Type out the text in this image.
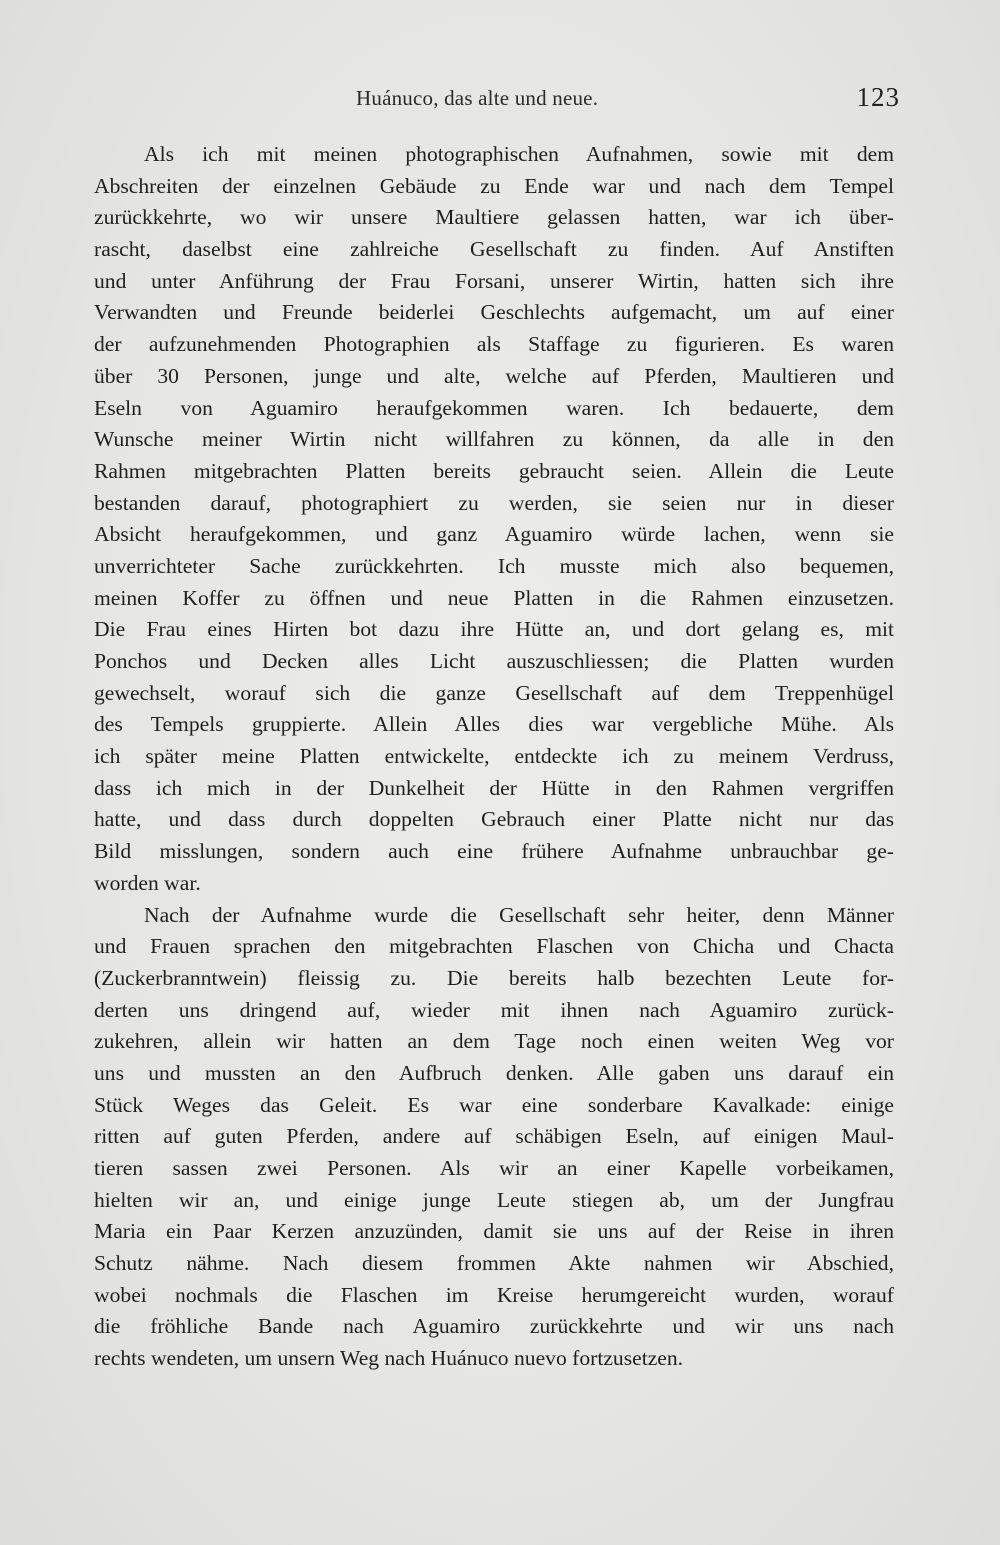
Huánuco, das alte und neue.	123
Als ich mit meinen photographischen Aufnahmen, sowie mit dem
Abschreiten der einzelnen Gebäude zu Ende war und nach dem Tempel
zurückkehrte, wo wir unsere Maultiere gelassen hatten, war ich über-
rascht, daselbst eine zahlreiche Gesellschaft zu finden. Auf Anstiften
und unter Anführung der Frau Forsani, unserer Wirtin, hatten sich ihre
Verwandten und Freunde beiderlei Geschlechts aufgemacht, um auf einer
der aufzunehmenden Photographien als Staffage zu figurieren. Es waren
über 30 Personen, junge und alte, welche auf Pferden, Maultieren und
Eseln von Aguamiro heraufgekommen waren. Ich bedauerte, dem
Wunsche meiner Wirtin nicht willfahren zu können, da alle in den
Rahmen mitgebrachten Platten bereits gebraucht seien. Allein die Leute
bestanden darauf, photographiert zu werden, sie seien nur in dieser
Absicht heraufgekommen, und ganz Aguamiro würde lachen, wenn sie
unverrichteter Sache zurückkehrten. Ich musste mich also bequemen,
meinen Koffer zu öffnen und neue Platten in die Rahmen einzusetzen.
Die Frau eines Hirten bot dazu ihre Hütte an, und dort gelang es, mit
Ponchos und Decken alles Licht auszuschliessen; die Platten wurden
gewechselt, worauf sich die ganze Gesellschaft auf dem Treppenhügel
des Tempels gruppierte. Allein Alles dies war vergebliche Mühe. Als
ich später meine Platten entwickelte, entdeckte ich zu meinem Verdruss,
dass ich mich in der Dunkelheit der Hütte in den Rahmen vergriffen
hatte, und dass durch doppelten Gebrauch einer Platte nicht nur das
Bild misslungen, sondern auch eine frühere Aufnahme unbrauchbar ge-
worden war.
Nach der Aufnahme wurde die Gesellschaft sehr heiter, denn Männer
und Frauen sprachen den mitgebrachten Flaschen von Chicha und Chacta
(Zuckerbranntwein) fleissig zu. Die bereits halb bezechten Leute for-
derten uns dringend auf, wieder mit ihnen nach Aguamiro zurück-
zukehren, allein wir hatten an dem Tage noch einen weiten Weg vor
uns und mussten an den Aufbruch denken. Alle gaben uns darauf ein
Stück Weges das Geleit. Es war eine sonderbare Kavalkade: einige
ritten auf guten Pferden, andere auf schäbigen Eseln, auf einigen Maul-
tieren sassen zwei Personen. Als wir an einer Kapelle vorbeikamen,
hielten wir an, und einige junge Leute stiegen ab, um der Jungfrau
Maria ein Paar Kerzen anzuzünden, damit sie uns auf der Reise in ihren
Schutz nähme. Nach diesem frommen Akte nahmen wir Abschied,
wobei nochmals die Flaschen im Kreise herumgereicht wurden, worauf
die fröhliche Bande nach Aguamiro zurückkehrte und wir uns nach
rechts wendeten, um unsern Weg nach Huánuco nuevo fortzusetzen.
